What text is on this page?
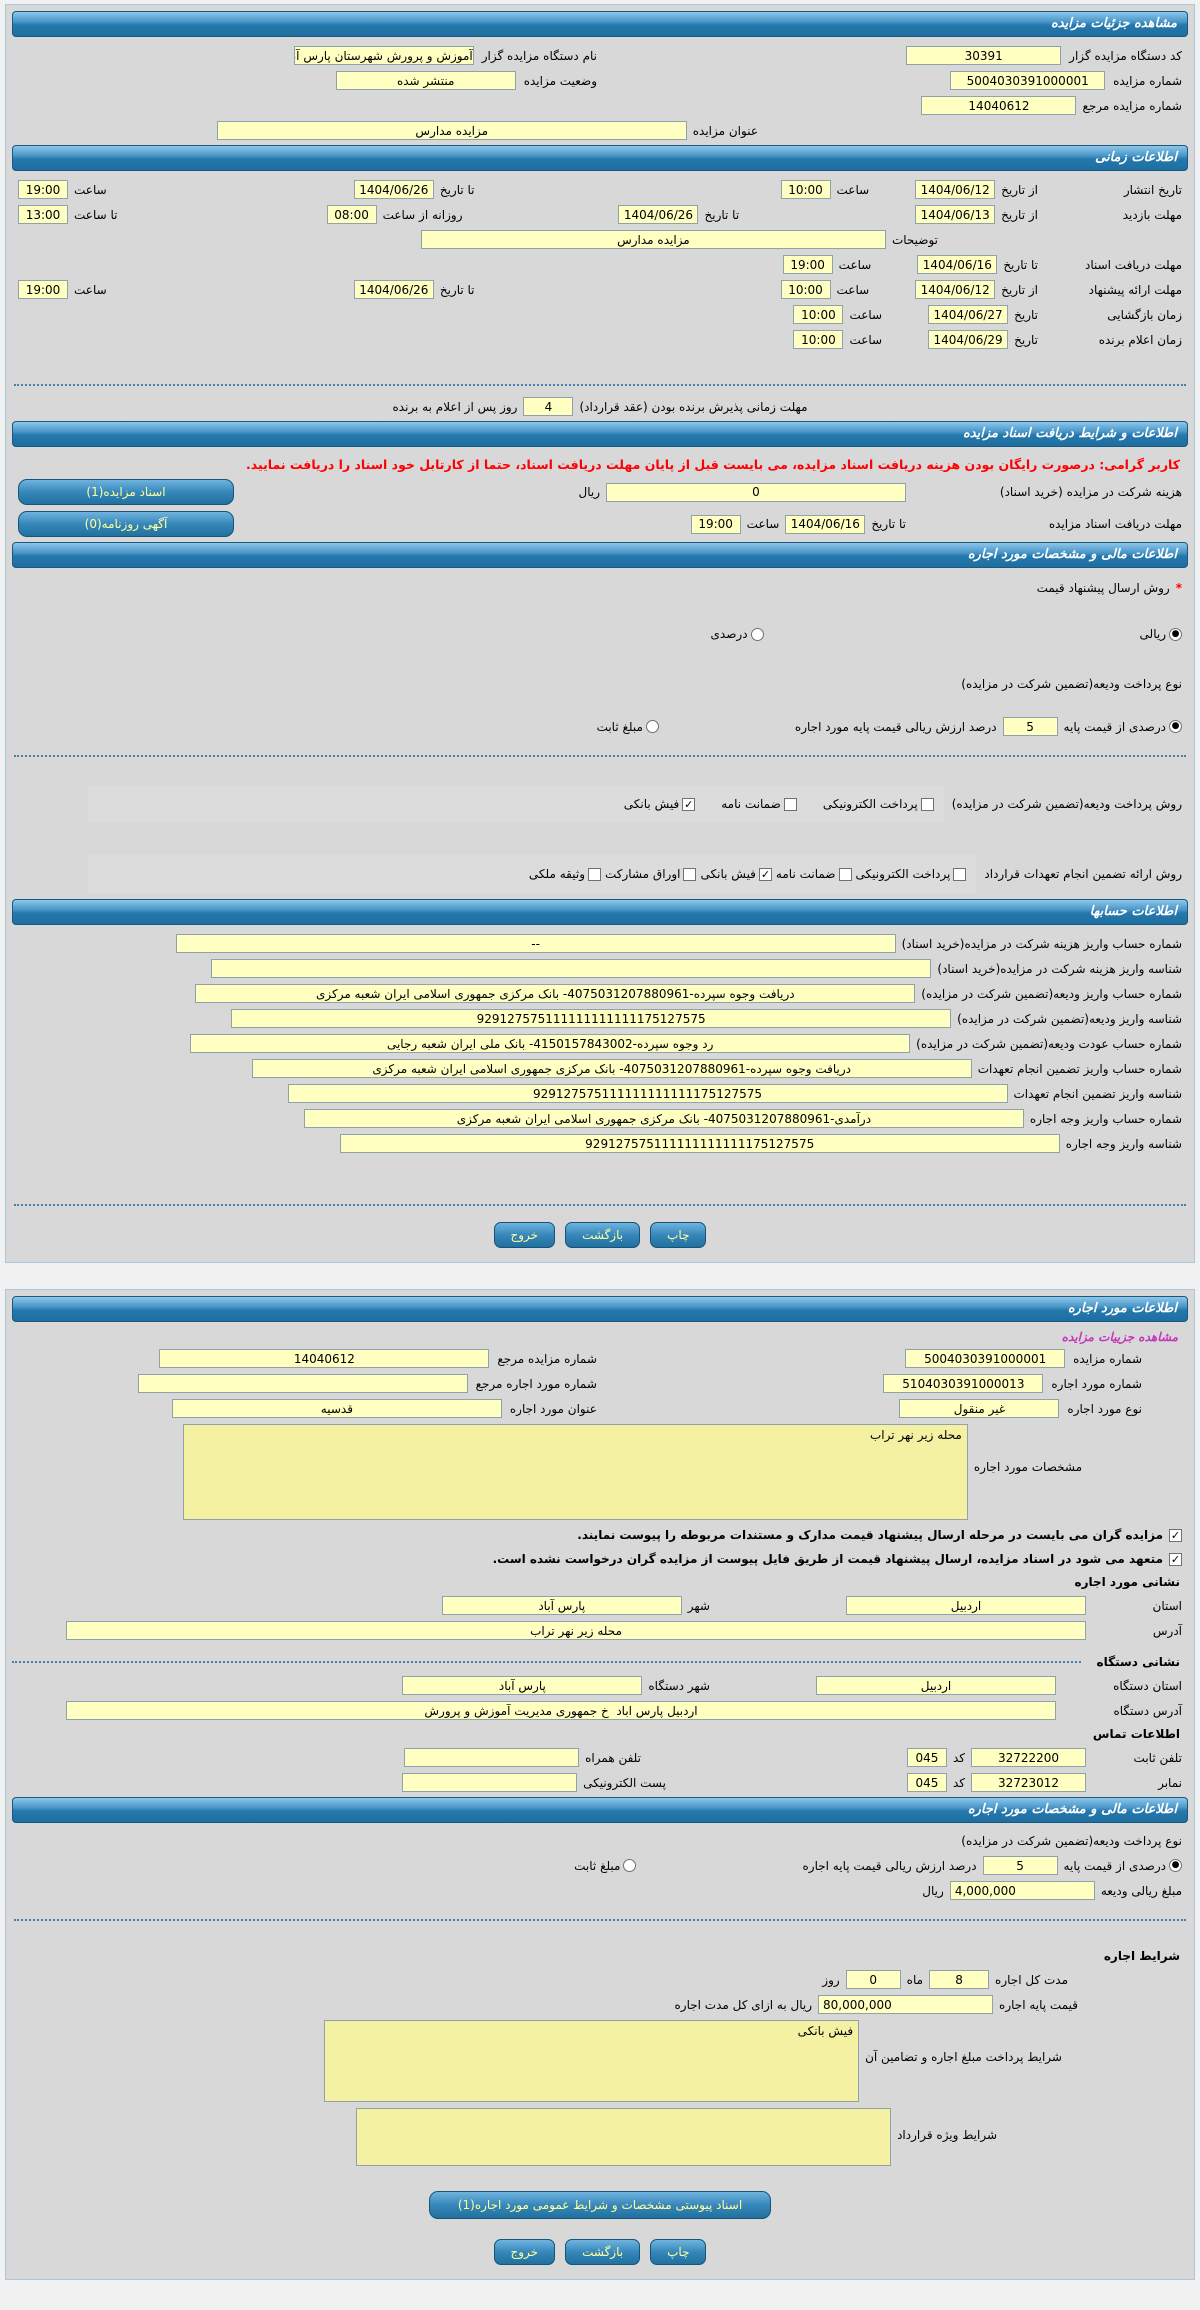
مشاهده جزئیات مزایده
کد دستگاه مزایده گزار
30391
نام دستگاه مزایده گزار
آموزش و پرورش شهرستان پارس آباد
شماره مزایده
5004030391000001
وضعیت مزایده
منتشر شده
شماره مزایده مرجع
14040612
عنوان مزایده
مزایده مدارس
اطلاعات زمانی
تاریخ انتشار
از تاریخ
1404/06/12
ساعت
10:00
تا تاریخ
1404/06/26
ساعت
19:00
مهلت بازدید
از تاریخ
1404/06/13
تا تاریخ
1404/06/26
روزانه از ساعت
08:00
تا ساعت
13:00
توضیحات
مزایده مدارس
مهلت دریافت اسناد
تا تاریخ
1404/06/16
ساعت
19:00
مهلت ارائه پیشنهاد
از تاریخ
1404/06/12
ساعت
10:00
تا تاریخ
1404/06/26
ساعت
19:00
زمان بازگشایی
تاریخ
1404/06/27
ساعت
10:00
زمان اعلام برنده
تاریخ
1404/06/29
ساعت
10:00
مهلت زمانی پذیرش برنده بودن (عقد قرارداد)
4
روز پس از اعلام به برنده
اطلاعات و شرایط دریافت اسناد مزایده
کاربر گرامی: درصورت رایگان بودن هزینه دریافت اسناد مزایده، می بایست قبل از پایان مهلت دریافت اسناد، حتما از کارتابل خود اسناد را دریافت نمایید.
هزینه شرکت در مزایده (خرید اسناد)
0
ریال
اسناد مزایده(1)
مهلت دریافت اسناد مزایده
تا تاریخ
1404/06/16
ساعت
19:00
آگهی روزنامه(0)
اطلاعات مالی و مشخصات مورد اجاره
*
روش ارسال پیشنهاد قیمت
●
ریالی
درصدی
نوع پرداخت ودیعه(تضمین شرکت در مزایده)
●
درصدی از قیمت پایه
5
درصد ارزش ریالی قیمت پایه مورد اجاره
مبلغ ثابت
روش پرداخت ودیعه(تضمین شرکت در مزایده)
پرداخت الکترونیکی
ضمانت نامه
✓
فیش بانکی
روش ارائه تضمین انجام تعهدات قرارداد
پرداخت الکترونیکی
ضمانت نامه
✓
فیش بانکی
اوراق مشارکت
وثیقه ملکی
اطلاعات حسابها
شماره حساب واریز هزینه شرکت در مزایده(خرید اسناد)
--
شناسه واریز هزینه شرکت در مزایده(خرید اسناد)
شماره حساب واریز ودیعه(تضمین شرکت در مزایده)
دریافت وجوه سپرده-4075031207880961- بانک مرکزی جمهوری اسلامی ایران شعبه مرکزی
شناسه واریز ودیعه(تضمین شرکت در مزایده)
929127575111111111111175127575
شماره حساب عودت ودیعه(تضمین شرکت در مزایده)
رد وجوه سپرده-4150157843002- بانک ملی ایران شعبه رجایی
شماره حساب واریز تضمین انجام تعهدات
دریافت وجوه سپرده-4075031207880961- بانک مرکزی جمهوری اسلامی ایران شعبه مرکزی
شناسه واریز تضمین انجام تعهدات
929127575111111111111175127575
شماره حساب واریز وجه اجاره
درآمدی-4075031207880961- بانک مرکزی جمهوری اسلامی ایران شعبه مرکزی
شناسه واریز وجه اجاره
929127575111111111111175127575
چاپ
بازگشت
خروج
اطلاعات مورد اجاره
مشاهده جزییات مزایده
شماره مزایده
5004030391000001
شماره مزایده مرجع
14040612
شماره مورد اجاره
5104030391000013
شماره مورد اجاره مرجع
نوع مورد اجاره
غیر منقول
عنوان مورد اجاره
قدسیه
مشخصات مورد اجاره
محله زیر نهر تراب
✓
مزایده گران می بایست در مرحله ارسال پیشنهاد قیمت مدارک و مستندات مربوطه را پیوست نمایند.
✓
متعهد می شود در اسناد مزایده، ارسال پیشنهاد قیمت از طریق فایل پیوست از مزایده گران درخواست نشده است.
نشانی مورد اجاره
استان
اردبیل
شهر
پارس آباد
آدرس
محله زیر نهر تراب
نشانی دستگاه
استان دستگاه
اردبیل
شهر دستگاه
پارس آباد
آدرس دستگاه
اردبیل پارس اباد خ جمهوری مدیریت آموزش و پرورش
اطلاعات تماس
تلفن ثابت
32722200
کد
045
تلفن همراه
نمابر
32723012
کد
045
پست الکترونیکی
اطلاعات مالی و مشخصات مورد اجاره
نوع پرداخت ودیعه(تضمین شرکت در مزایده)
●
درصدی از قیمت پایه
5
درصد ارزش ریالی قیمت پایه اجاره
مبلغ ثابت
مبلغ ریالی ودیعه
4,000,000
ریال
شرایط اجاره
مدت کل اجاره
8
ماه
0
روز
قیمت پایه اجاره
80,000,000
ریال به ازای کل مدت اجاره
شرایط پرداخت مبلغ اجاره و تضامین آن
فیش بانکی
شرایط ویژه قرارداد
اسناد پیوستی مشخصات و شرایط عمومی مورد اجاره(1)
چاپ
بازگشت
خروج
